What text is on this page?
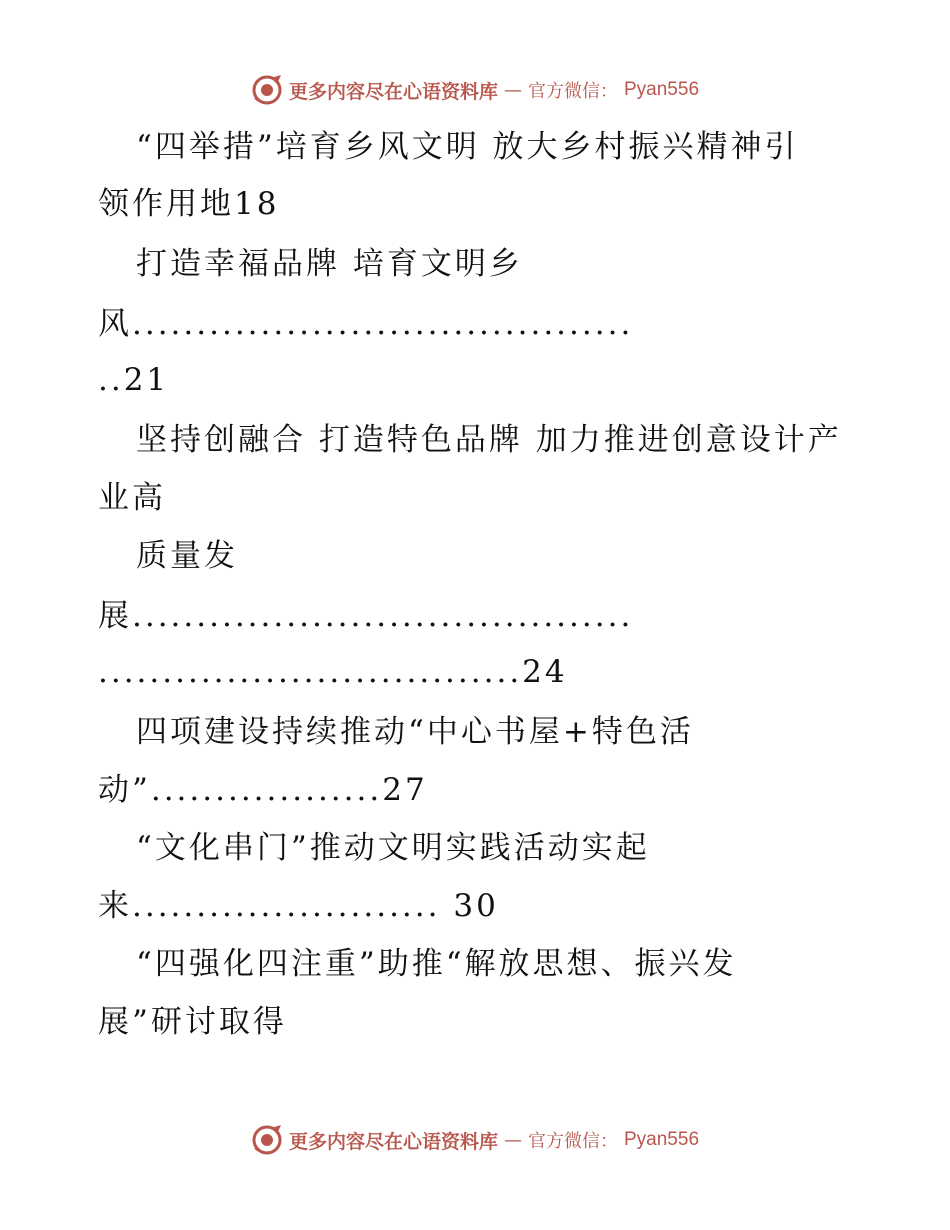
更多内容尽在心语资料库 — 官方微信： Pyan556
“四举措”培育乡风文明 放大乡村振兴精神引
领作用地18
打造幸福品牌 培育文明乡
风.......................................
..21
坚持创融合 打造特色品牌 加力推进创意设计产
业高
质量发
展.......................................
.................................24
四项建设持续推动“中心书屋+特色活
动”..................27
“文化串门”推动文明实践活动实起
来........................ 30
“四强化四注重”助推“解放思想、振兴发
展”研讨取得
更多内容尽在心语资料库 — 官方微信： Pyan556
